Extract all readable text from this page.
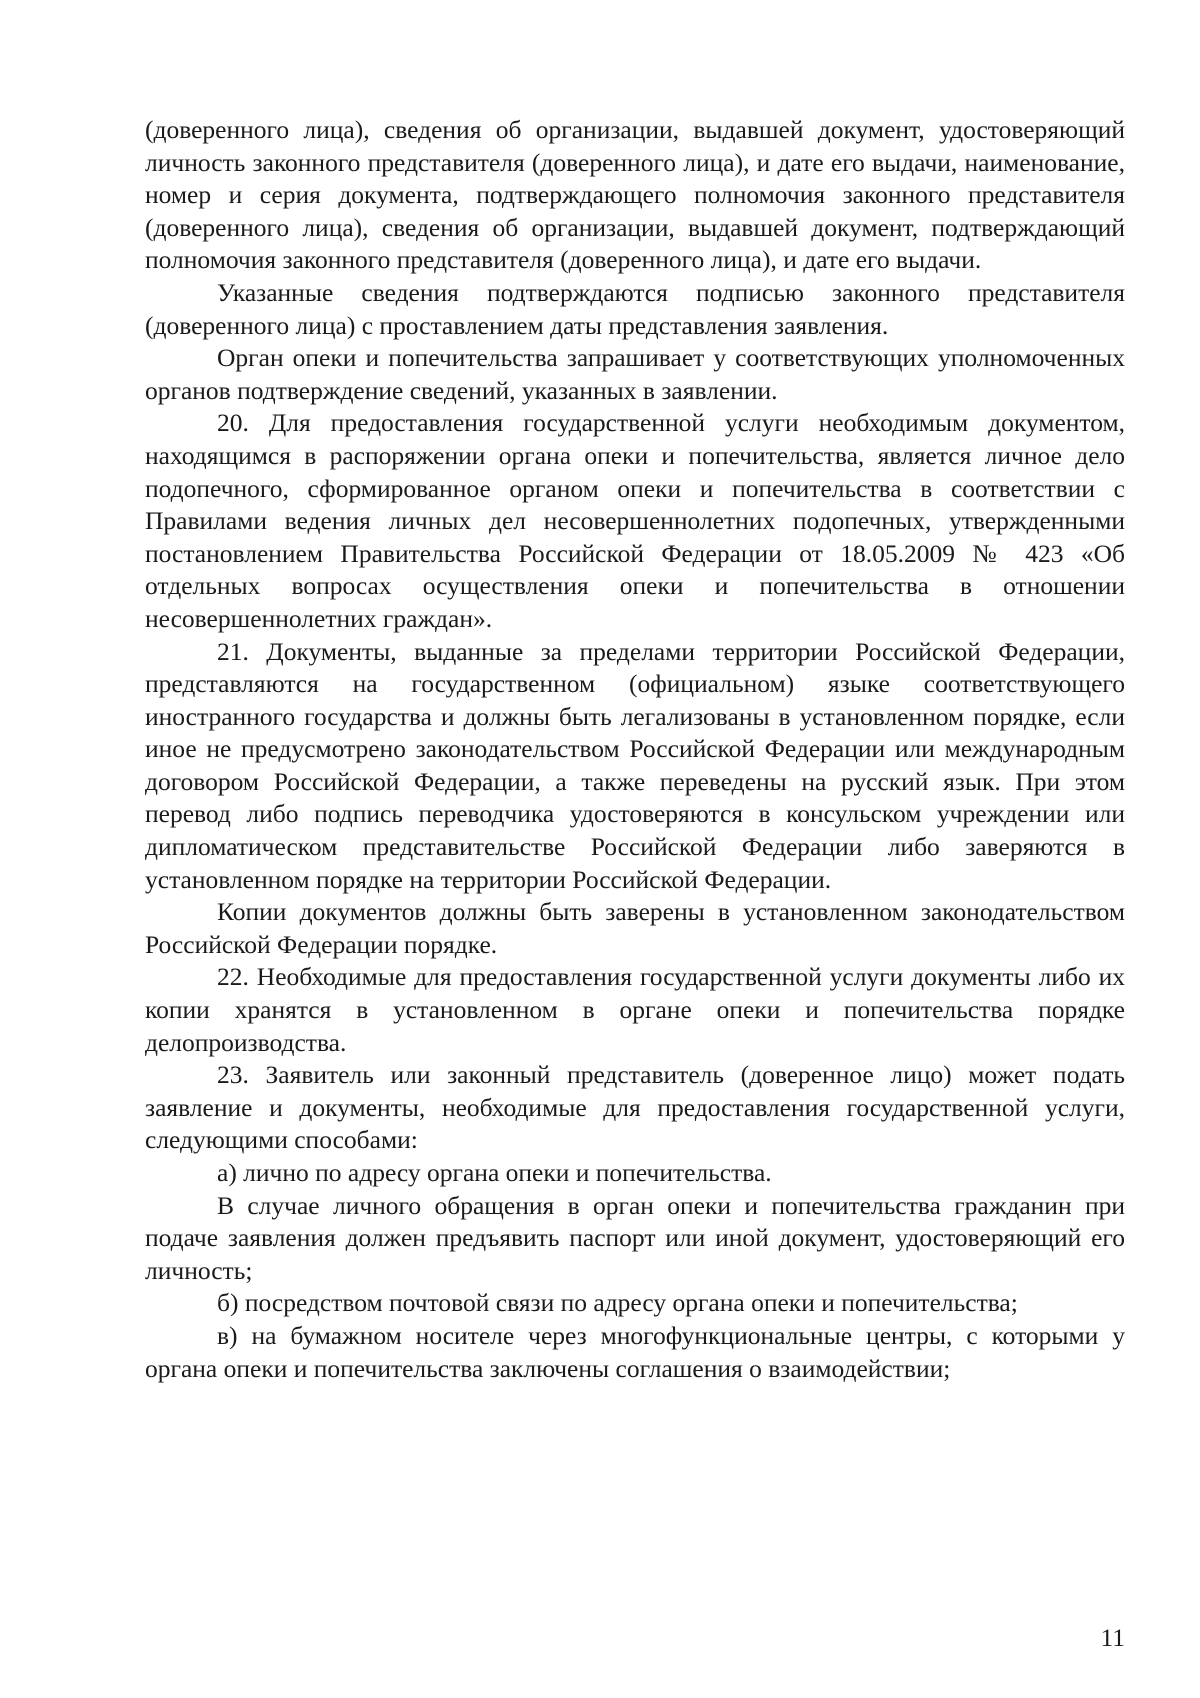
(доверенного лица), сведения об организации, выдавшей документ, удостоверяющий личность законного представителя (доверенного лица), и дате его выдачи, наименование, номер и серия документа, подтверждающего полномочия законного представителя (доверенного лица), сведения об организации, выдавшей документ, подтверждающий полномочия законного представителя (доверенного лица), и дате его выдачи.

Указанные сведения подтверждаются подписью законного представителя (доверенного лица) с проставлением даты представления заявления.

Орган опеки и попечительства запрашивает у соответствующих уполномоченных органов подтверждение сведений, указанных в заявлении.

20. Для предоставления государственной услуги необходимым документом, находящимся в распоряжении органа опеки и попечительства, является личное дело подопечного, сформированное органом опеки и попечительства в соответствии с Правилами ведения личных дел несовершеннолетних подопечных, утвержденными постановлением Правительства Российской Федерации от 18.05.2009 № 423 «Об отдельных вопросах осуществления опеки и попечительства в отношении несовершеннолетних граждан».

21. Документы, выданные за пределами территории Российской Федерации, представляются на государственном (официальном) языке соответствующего иностранного государства и должны быть легализованы в установленном порядке, если иное не предусмотрено законодательством Российской Федерации или международным договором Российской Федерации, а также переведены на русский язык. При этом перевод либо подпись переводчика удостоверяются в консульском учреждении или дипломатическом представительстве Российской Федерации либо заверяются в установленном порядке на территории Российской Федерации.

Копии документов должны быть заверены в установленном законодательством Российской Федерации порядке.

22. Необходимые для предоставления государственной услуги документы либо их копии хранятся в установленном в органе опеки и попечительства порядке делопроизводства.

23. Заявитель или законный представитель (доверенное лицо) может подать заявление и документы, необходимые для предоставления государственной услуги, следующими способами:

а) лично по адресу органа опеки и попечительства.

В случае личного обращения в орган опеки и попечительства гражданин при подаче заявления должен предъявить паспорт или иной документ, удостоверяющий его личность;

б) посредством почтовой связи по адресу органа опеки и попечительства;

в) на бумажном носителе через многофункциональные центры, с которыми у органа опеки и попечительства заключены соглашения о взаимодействии;

11
